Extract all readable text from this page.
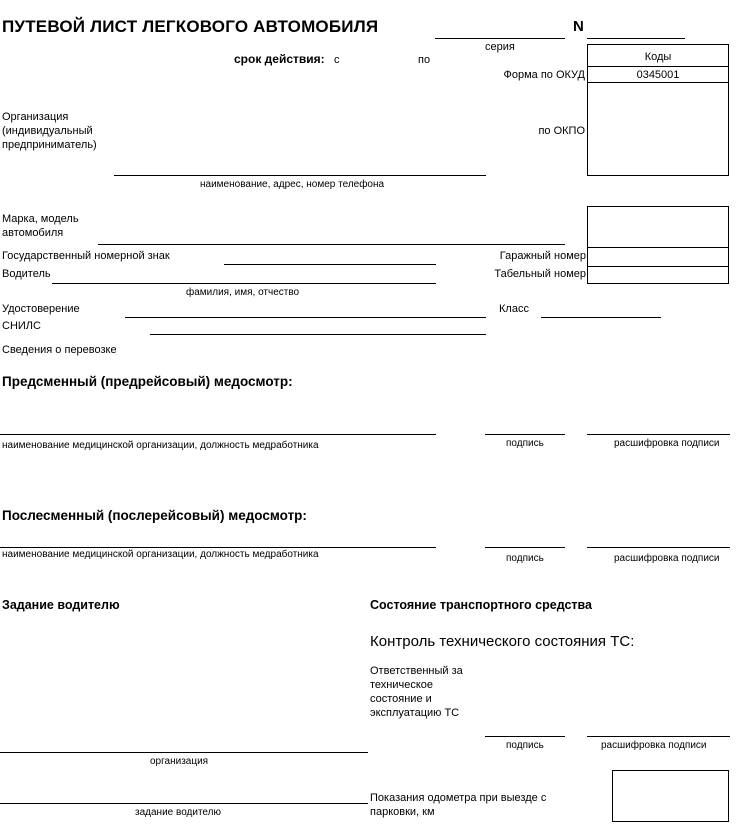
ПУТЕВОЙ ЛИСТ ЛЕГКОВОГО АВТОМОБИЛЯ
серия
N
срок действия: с	по	Коды
0345001
Форма по ОКУД
по ОКПО
Организация (индивидуальный предприниматель)
наименование, адрес, номер телефона
Марка, модель автомобиля
Государственный номерной знак	Гаражный номер
Водитель	Табельный номер
фамилия, имя, отчество
Удостоверение	Класс
СНИЛС
Сведения о перевозке
Предсменный (предрейсовый) медосмотр:
наименование медицинской организации, должность медработника	подпись	расшифровка подписи
Послесменный (послерейсовый) медосмотр:
наименование медицинской организации, должность медработника	подпись	расшифровка подписи
Задание водителю
организация
задание водителю
Состояние транспортного средства
Контроль технического состояния ТС:
Ответственный за техническое состояние и эксплуатацию ТС
подпись	расшифровка подписи
Показания одометра при выезде с парковки, км
